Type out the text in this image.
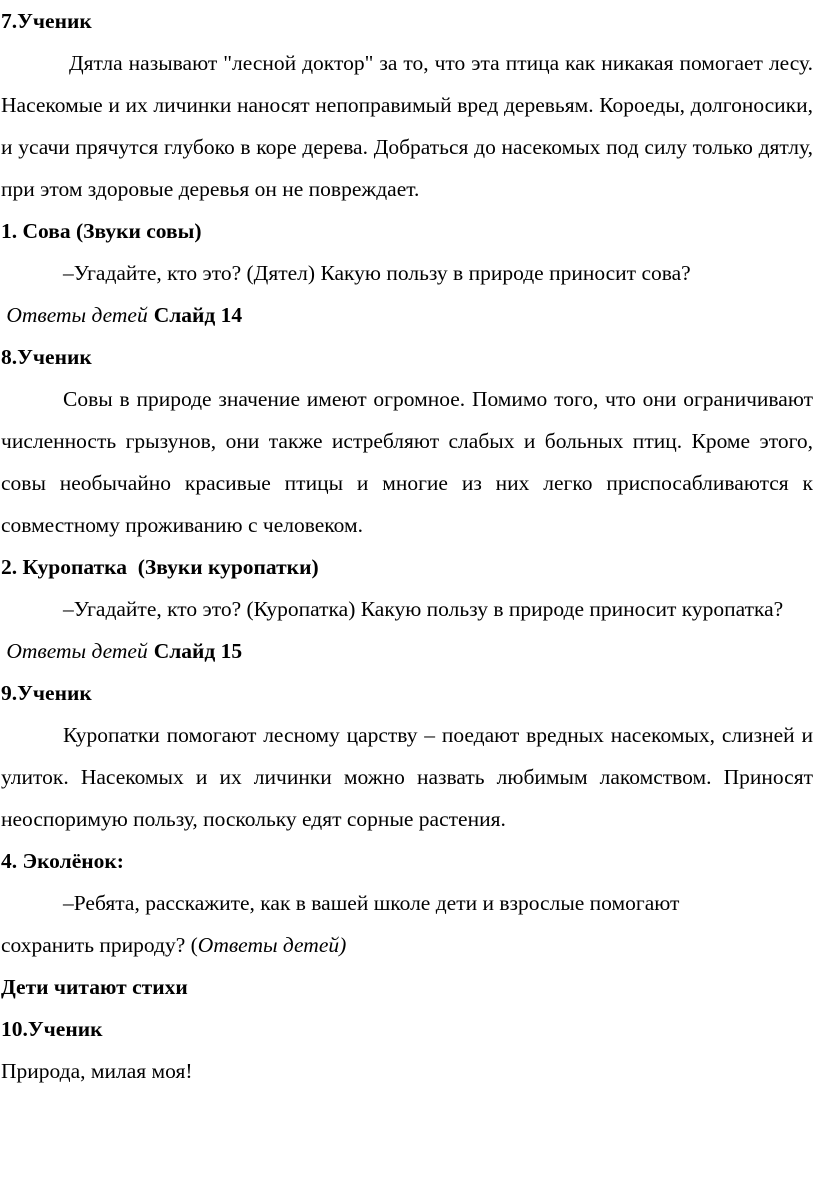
7.Ученик

Дятла называют "лесной доктор" за то, что эта птица как никакая помогает лесу. Насекомые и их личинки наносят непоправимый вред деревьям. Короеды, долгоносики, и усачи прячутся глубоко в коре дерева. Добраться до насекомых под силу только дятлу, при этом здоровые деревья он не повреждает.

1. Сова (Звуки совы)

–Угадайте, кто это? (Дятел) Какую пользу в природе приносит сова?

Ответы детей Слайд 14

8.Ученик

Совы в природе значение имеют огромное. Помимо того, что они ограничивают численность грызунов, они также истребляют слабых и больных птиц. Кроме этого, совы необычайно красивые птицы и многие из них легко приспосабливаются к совместному проживанию с человеком.

2. Куропатка  (Звуки куропатки)

–Угадайте, кто это? (Куропатка) Какую пользу в природе приносит куропатка?

Ответы детей Слайд 15

9.Ученик

Куропатки помогают лесному царству – поедают вредных насекомых, слизней и улиток. Насекомых и их личинки можно назвать любимым лакомством. Приносят неоспоримую пользу, поскольку едят сорные растения.

4. Эколёнок:

–Ребята, расскажите, как в вашей школе дети и взрослые помогают

сохранить природу? (Ответы детей)

Дети читают стихи

10.Ученик

Природа, милая моя!
